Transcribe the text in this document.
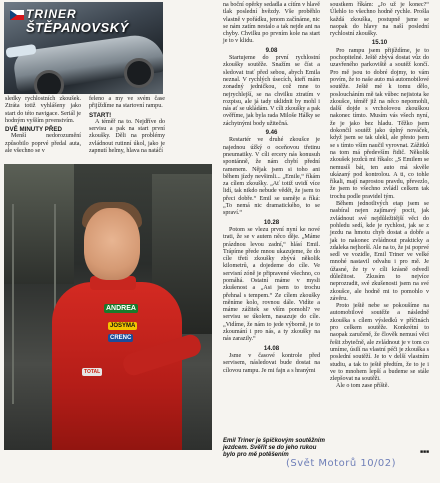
TRINER
ŠTĚPANOVSKÝ

sledky rychlostních zkoušek. Ztráta totiž vyhlášeny jako start do této navigace. Seriál je hodným vyšším prvenstvím.

DVĚ MINUTY PŘED

Menší nedorozumění způsobilo poprvé předal auta, ale všechno se v

feleno a my ve svém čase přijíždíme na startovní rampu.

START!

A téměř na to. Nejdříve do servisu a pak na start první zkoušky. Děli na problémy zvládnout rutinní úkol, jako je zapnutí helmy, hlava na natáčí

na boční opěrky sedadla a cítím v hlavě tlak poslední hvězdy. Vše proběhlo vlastně v pořádku, jenom začínáme, nic se nám zatím nestalo a tak nejde ani na chyby. Chvilku po prvním kole na start je to v klidu.

9.08

Startujeme do první rychlostní zkoušky soutěže. Snažím se číst a sledovat trať před sebou, abych Emila neznal. V rychlých úsecích, kteří mám zonadný jedničkou, což mne to nejrychlejší, se na chvilku ztratím v rozpisu, ale já tady uklidnit by mohl i nás ať se ukládám. V cíli zkoušky a pak ověříme, jak byla rada Miloše Hálky se záchytnými body užitečná.

9.46

Restartér ve druhé zkoušce je najednou úžký o oceňovou třetinu pneumatiky. V cíli ercery nás konusuh spontánně, že nám chybí přední ramenem. Nějak jsem si toho ani během jízdy nevšimli... „Emile,“ říkám za cílem zkoušky. „Ať totiž uvidí více lidí, tak nikdo nebude vědět, že jsem to přeci dobře.“ Emil se usměje a říká: „To nemá nic dramatického, to se spraví.“

10.28

Potom se vlezu první nyní ke nové trati, že se v autem něco děje. „Máme prázdnou levou zadní,“ hlásí Emil. Trápíme přede mnou ukazujeme, že do cíle třetí zkoušky zbývá několik kilometrů, a dojedeme do cíle. Ve servisní zóně je připravené všechno, co pomáhá. Ostatní máme v mysli zkušenost a „Asi jsem to trochu přehnal s tempem.“ Ze cílem zkoušky měníme kolo, rovnou dále. Vidíte a máme zážitek se vším pomohl? ve servisu se úkolem, nasazuje do cíle. „Vidíme, že nám to jede výborně, je to zkoumání i pro nás, a ty zkoušky na nás zarazily.“

14.08

Jsme v časové kontrole před servisem, následovat bude dostat na cílovou rampu. Je mi fajn a s hranými

soustkem říkám: „Jo už je konec?“ Úlehlo to všechno hodně rychle. Prošla každá zkouška, postupně jsme se naopak do hlavy na naší poslední rychlostní zkoušky.

15.10

Pro rampu jsem přijíždíme, je to pochopitelné. Ještě zbývá dostat vůz do uzavřeného parkoviště a soutěž končí. Pro mě jsou to dobré dojmy, to vám povím, že to naše auto má automobilové soutěže. Ještě mé k tomu dělo, posloucháním mě tak vůbec nejistota ke zkoušce, téměř již na něco nepomohli, další dojde s vrcholovou zkouškou nakonec tímto. Musím vás všech nyní, že je jako bez hladu. Těžko jsem dokončil soutěž jako úplný nováček, když jsem se tak ulekl, ale přesto jsem se s tímto vším naučil vyrovnat. Zážitků na tom má především řidič. Několik zkoušek jezdců mi říkalo: „S Emilem se nemusíš bát, ten auto má skvěle ukázaný pod kontrolou. A ti, co tohle říkali, mají naprostou pravdu, převezlo, že jsem to všechno zvládl celkem tak trochu podle pravidel tým.

Během jednotlivých etap jsem se nasbíral nejen zajímavý pocit, jak zvládnout své nejdůležitější věci do pohledu sedí, kde je rychlost, jak se z jezdu na hmotu chyb dostat a dobře a jak to nakonec zvládnout prakticky a zdaleka nejhorší. Ale na to, že jsi poprvé sedl ve vozidle, Emil Triner ve velké mnohé nastavil odvahu i pro mě. Je úžasné, že ty v cíli krásně odvedl důležitost. Zkusím to nejvíce neprozradit, své zkušenosti jsem na své zkoušce, ale hodně mi to pomohlo v závěru.

Proto ještě nebe se pokoušíme na automobilové soutěže a následně zkouška s cílem výsledků v příčinách pro celkem soutěže. Konkrétní to naopak zaručeně, že člověk nemusí věci řešit zbytečně, ale zvládnout je v tom co umíme, úsilí na vlastní péči je zkouška s poslední soutěží. Je to v delší vlastním studiu, a tak to ještě předtím, že to je i ve to mnohem lepší a budeme se stále zlepšovat na soutěži.

Ale o tom zase příště.

ANDREA
JOSYMA
CRENC
TOTAL
Emil Triner je špičkovým soutěžním jezdcem. Svěřit se do jeho rukou bylo pro mě potěšením	■■■
(Svět Motorů 10/02)
